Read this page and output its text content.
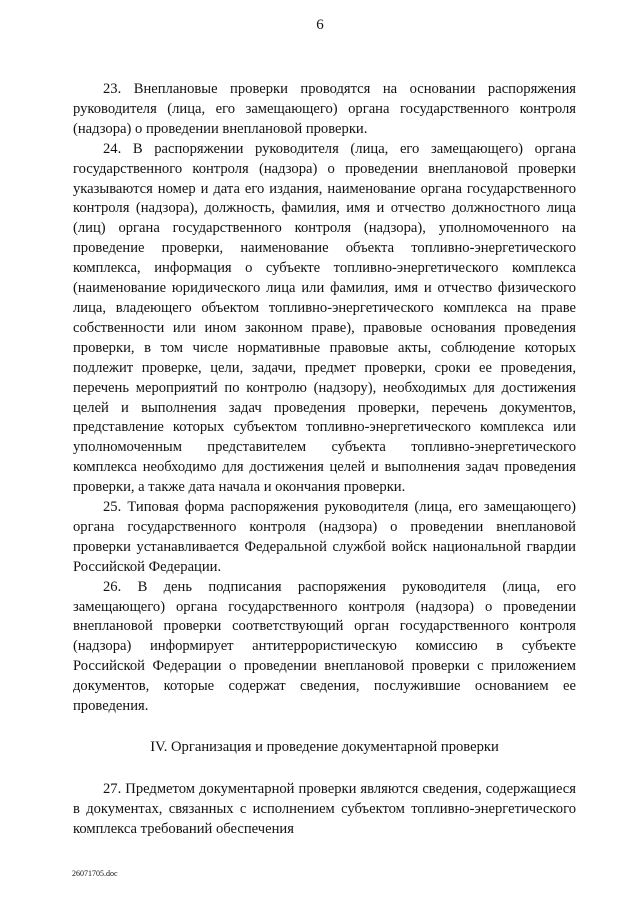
6

23. Внеплановые проверки проводятся на основании распоряжения руководителя (лица, его замещающего) органа государственного контроля (надзора) о проведении внеплановой проверки.

24. В распоряжении руководителя (лица, его замещающего) органа государственного контроля (надзора) о проведении внеплановой проверки указываются номер и дата его издания, наименование органа государственного контроля (надзора), должность, фамилия, имя и отчество должностного лица (лиц) органа государственного контроля (надзора), уполномоченного на проведение проверки, наименование объекта топливно-энергетического комплекса, информация о субъекте топливно-энергетического комплекса (наименование юридического лица или фамилия, имя и отчество физического лица, владеющего объектом топливно-энергетического комплекса на праве собственности или ином законном праве), правовые основания проведения проверки, в том числе нормативные правовые акты, соблюдение которых подлежит проверке, цели, задачи, предмет проверки, сроки ее проведения, перечень мероприятий по контролю (надзору), необходимых для достижения целей и выполнения задач проведения проверки, перечень документов, представление которых субъектом топливно-энергетического комплекса или уполномоченным представителем субъекта топливно-энергетического комплекса необходимо для достижения целей и выполнения задач проведения проверки, а также дата начала и окончания проверки.

25. Типовая форма распоряжения руководителя (лица, его замещающего) органа государственного контроля (надзора) о проведении внеплановой проверки устанавливается Федеральной службой войск национальной гвардии Российской Федерации.

26. В день подписания распоряжения руководителя (лица, его замещающего) органа государственного контроля (надзора) о проведении внеплановой проверки соответствующий орган государственного контроля (надзора) информирует антитеррористическую комиссию в субъекте Российской Федерации о проведении внеплановой проверки с приложением документов, которые содержат сведения, послужившие основанием ее проведения.

IV. Организация и проведение документарной проверки

27. Предметом документарной проверки являются сведения, содержащиеся в документах, связанных с исполнением субъектом топливно-энергетического комплекса требований обеспечения

26071705.doc
